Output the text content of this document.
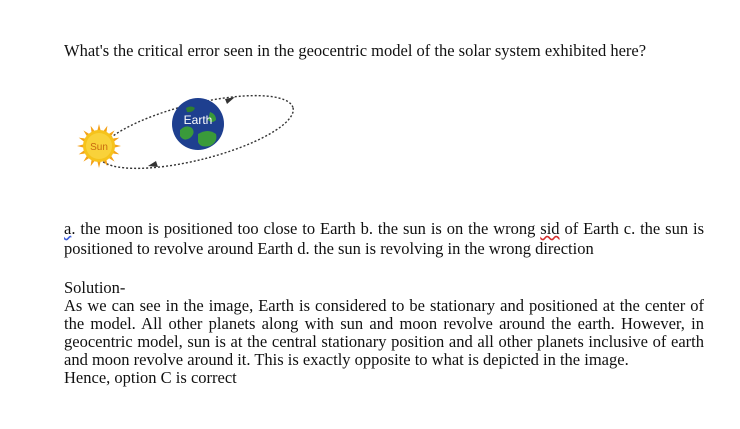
What's the critical error seen in the geocentric model of the solar system exhibited here?
Sun
Earth
a. the moon is positioned too close to Earth b. the sun is on the wrong sid of Earth c. the sun is positioned to revolve around Earth d. the sun is revolving in the wrong direction
Solution-

As we can see in the image, Earth is considered to be stationary and positioned at the center of the model. All other planets along with sun and moon revolve around the earth. However, in geocentric model, sun is at the central stationary position and all other planets inclusive of earth and moon revolve around it. This is exactly opposite to what is depicted in the image.

Hence, option C is correct
